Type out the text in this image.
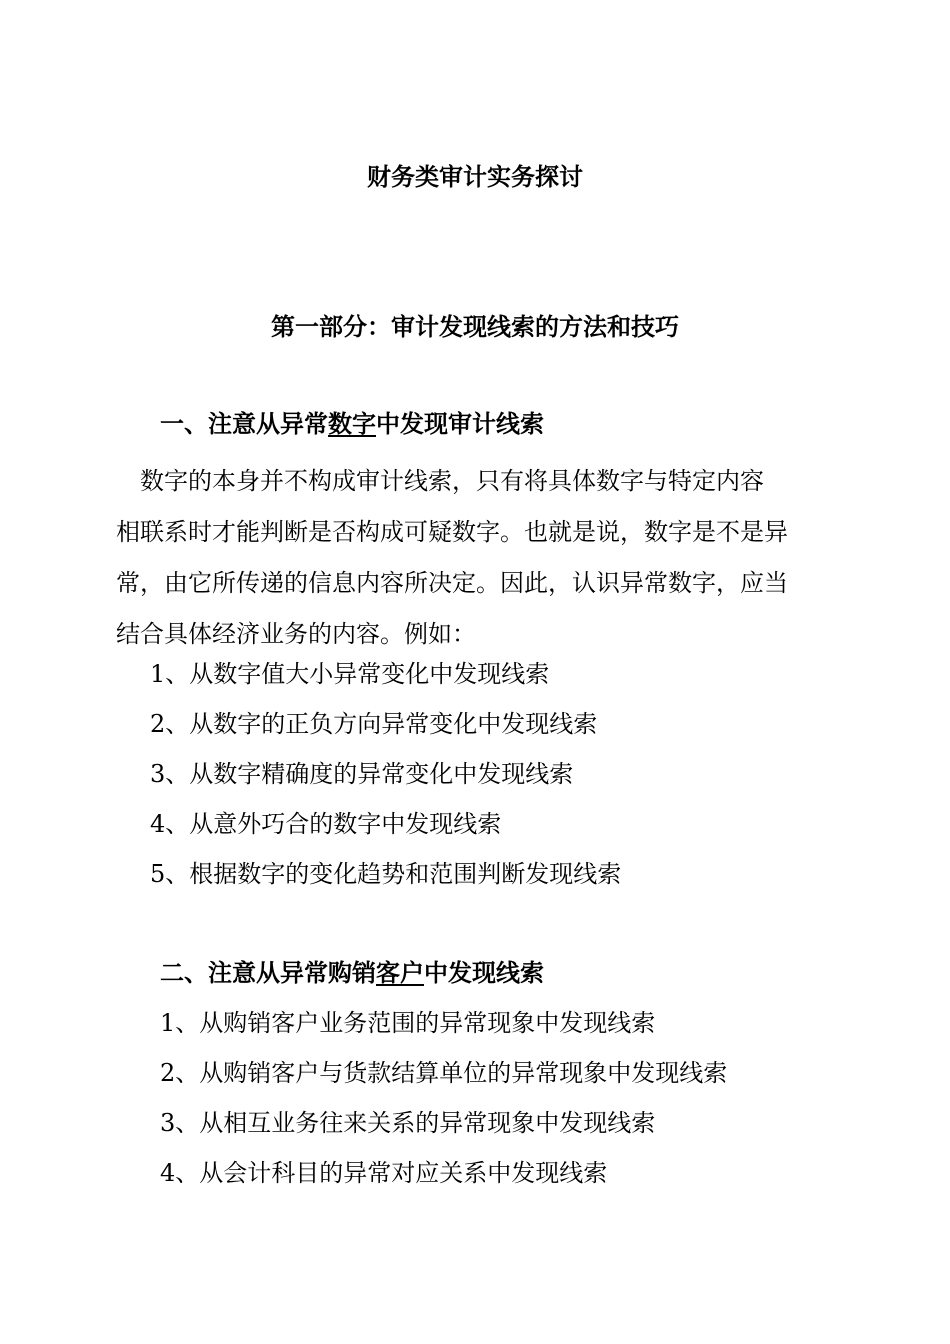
财务类审计实务探讨
第一部分：审计发现线索的方法和技巧
一、注意从异常数字中发现审计线索
　数字的本身并不构成审计线索，只有将具体数字与特定内容
相联系时才能判断是否构成可疑数字。也就是说，数字是不是异
常，由它所传递的信息内容所决定。因此，认识异常数字，应当
结合具体经济业务的内容。例如：
1、从数字值大小异常变化中发现线索
2、从数字的正负方向异常变化中发现线索
3、从数字精确度的异常变化中发现线索
4、从意外巧合的数字中发现线索
5、根据数字的变化趋势和范围判断发现线索
二、注意从异常购销客户中发现线索
1、从购销客户业务范围的异常现象中发现线索
2、从购销客户与货款结算单位的异常现象中发现线索
3、从相互业务往来关系的异常现象中发现线索
4、从会计科目的异常对应关系中发现线索
